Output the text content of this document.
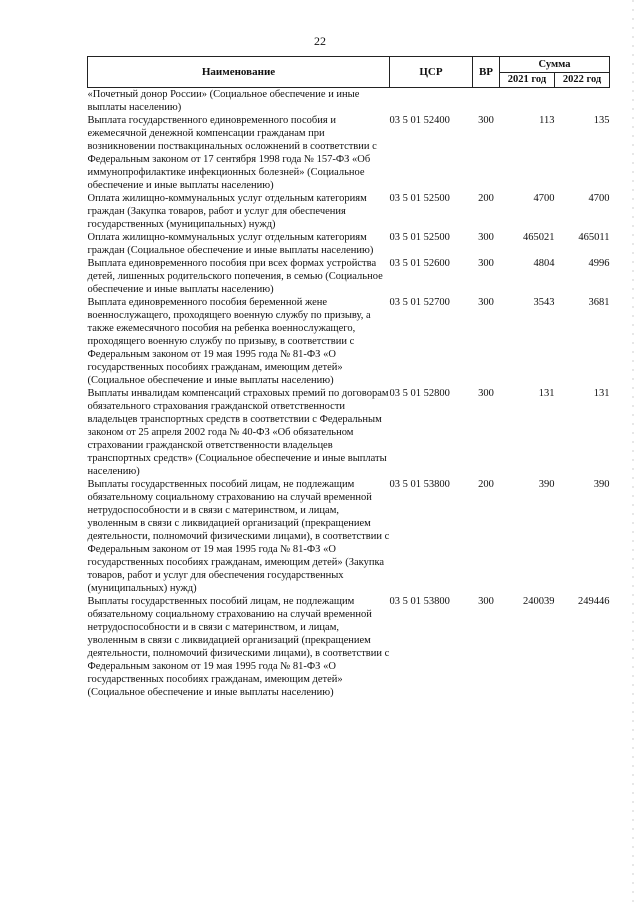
22
Наименование	ЦСР	ВР	Сумма	
			2021 год	2022 год
«Почетный донор России» (Социальное обеспечение и иные выплаты населению)				
Выплата государственного единовременного пособия и ежемесячной денежной компенсации гражданам при возникновении поствакцинальных осложнений в соответствии с Федеральным законом от 17 сентября 1998 года № 157-ФЗ «Об иммунопрофилактике инфекционных болезней» (Социальное обеспечение и иные выплаты населению)	03 5 01 52400	300	113	135
Оплата жилищно-коммунальных услуг отдельным категориям граждан (Закупка товаров, работ и услуг для обеспечения государственных (муниципальных) нужд)	03 5 01 52500	200	4700	4700
Оплата жилищно-коммунальных услуг отдельным категориям граждан (Социальное обеспечение и иные выплаты населению)	03 5 01 52500	300	465021	465011
Выплата единовременного пособия при всех формах устройства детей, лишенных родительского попечения, в семью (Социальное обеспечение и иные выплаты населению)	03 5 01 52600	300	4804	4996
Выплата единовременного пособия беременной жене военнослужащего, проходящего военную службу по призыву, а также ежемесячного пособия на ребенка военнослужащего, проходящего военную службу по призыву, в соответствии с Федеральным законом от 19 мая 1995 года № 81-ФЗ «О государственных пособиях гражданам, имеющим детей» (Социальное обеспечение и иные выплаты населению)	03 5 01 52700	300	3543	3681
Выплаты инвалидам компенсаций страховых премий по договорам обязательного страхования гражданской ответственности владельцев транспортных средств в соответствии с Федеральным законом от 25 апреля 2002 года № 40-ФЗ «Об обязательном страховании гражданской ответственности владельцев транспортных средств» (Социальное обеспечение и иные выплаты населению)	03 5 01 52800	300	131	131
Выплаты государственных пособий лицам, не подлежащим обязательному социальному страхованию на случай временной нетрудоспособности и в связи с материнством, и лицам, уволенным в связи с ликвидацией организаций (прекращением деятельности, полномочий физическими лицами), в соответствии с Федеральным законом от 19 мая 1995 года № 81-ФЗ «О государственных пособиях гражданам, имеющим детей» (Закупка товаров, работ и услуг для обеспечения государственных (муниципальных) нужд)	03 5 01 53800	200	390	390
Выплаты государственных пособий лицам, не подлежащим обязательному социальному страхованию на случай временной нетрудоспособности и в связи с материнством, и лицам, уволенным в связи с ликвидацией организаций (прекращением деятельности, полномочий физическими лицами), в соответствии с Федеральным законом от 19 мая 1995 года № 81-ФЗ «О государственных пособиях гражданам, имеющим детей» (Социальное обеспечение и иные выплаты населению)	03 5 01 53800	300	240039	249446
